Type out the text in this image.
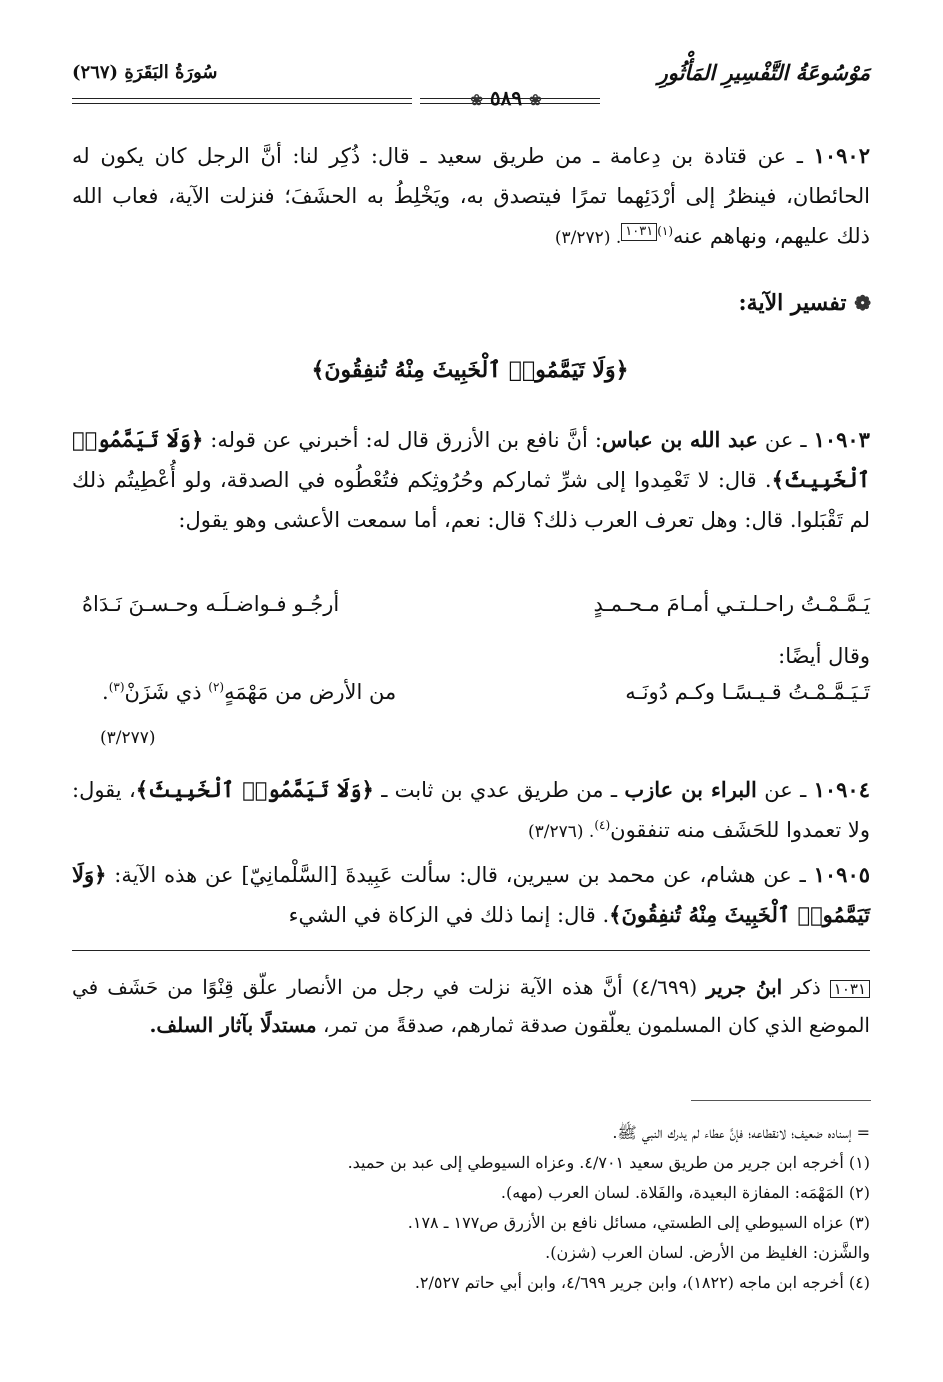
مَوْسُوعَةُ التَّفْسِيرِ المَأْثُورِ
سُورَةُ البَقَرَةِ (٢٦٧)
❀ ٥٨٩ ❀
١٠٩٠٢ ـ عن قتادة بن دِعامة ـ من طريق سعيد ـ قال: ذُكِر لنا: أنَّ الرجل كان يكون له الحائطان، فينظرُ إلى أرْدَئِهما تمرًا فيتصدق به، ويَخْلِطُ به الحشَفَ؛ فنزلت الآية، فعاب الله ذلك عليهم، ونهاهم عنه$^{(١)}$١٠٣١. (٣/٢٧٢)
❁ تفسير الآية:
﴿وَلَا تَيَمَّمُوا۟ ٱلْخَبِيثَ مِنْهُ تُنفِقُونَ﴾
١٠٩٠٣ ـ عن عبد الله بن عباس: أنَّ نافع بن الأزرق قال له: أخبرني عن قوله: ﴿وَلَا تَيَمَّمُوا۟ ٱلْخَبِيثَ﴾. قال: لا تَعْمِدوا إلى شرِّ ثماركم وحُرُوثِكم فتُعْطُوه في الصدقة، ولو أُعْطِيتُم ذلك لم تَقْبَلوا. قال: وهل تعرف العرب ذلك؟ قال: نعم، أما سمعت الأعشى وهو يقول:
يَـمَّـمْـتُ راحـلـتـي أمـامَ مـحـمـدٍ
أرجُـو فـواضـلَـه وحـسـنَ نَـدَاهُ
وقال أيضًا:
تَـيَـمَّـمْـتُ قـيـسًـا وكـم دُونَـه
من الأرض من مَهْمَهٍ$^{(٢)}$ ذي شَزَنْ$^{(٣)}$.
(٣/٢٧٧)
١٠٩٠٤ ـ عن البراء بن عازب ـ من طريق عدي بن ثابت ـ ﴿وَلَا تَيَمَّمُوا۟ ٱلْخَبِيثَ﴾، يقول: ولا تعمدوا للحَشَف منه تنفقون$^{(٤)}$. (٣/٢٧٦)
١٠٩٠٥ ـ عن هشام، عن محمد بن سيرين، قال: سألت عَبِيدةَ [السَّلْمانِيّ] عن هذه الآية: ﴿وَلَا تَيَمَّمُوا۟ ٱلْخَبِيثَ مِنْهُ تُنفِقُونَ﴾. قال: إنما ذلك في الزكاة في الشيء
١٠٣١ ذكر ابنُ جرير (٤/٦٩٩) أنَّ هذه الآية نزلت في رجل من الأنصار علّق قِنْوًا من حَشَف في الموضع الذي كان المسلمون يعلّقون صدقة ثمارهم، صدقةً من تمر، مستدلًا بآثار السلف.
= إسناده ضعيف؛ لانقطاعه؛ فإنَّ عطاء لم يدرك النبي ﷺ.
(١) أخرجه ابن جرير من طريق سعيد ٤/٧٠١. وعزاه السيوطي إلى عبد بن حميد.
(٢) المَهْمَه: المفازة البعيدة، والفَلاة. لسان العرب (مهه).
(٣) عزاه السيوطي إلى الطستي، مسائل نافع بن الأزرق ص١٧٧ ـ ١٧٨.
والشَّزن: الغليظ من الأرض. لسان العرب (شزن).
(٤) أخرجه ابن ماجه (١٨٢٢)، وابن جرير ٤/٦٩٩، وابن أبي حاتم ٢/٥٢٧.
